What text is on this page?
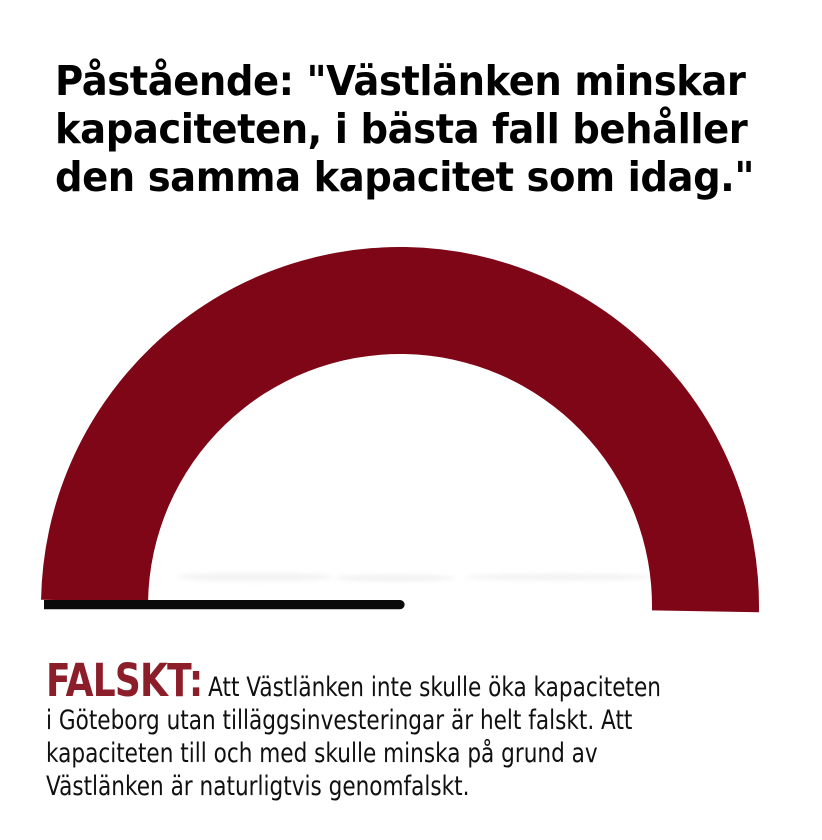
Påstående: "Västlänken minskar
kapaciteten, i bästa fall behåller
den samma kapacitet som idag."
FALSKT: Att Västlänken inte skulle öka kapaciteten
i Göteborg utan tilläggsinvesteringar är helt falskt. Att
kapaciteten till och med skulle minska på grund av
Västlänken är naturligtvis genomfalskt.
